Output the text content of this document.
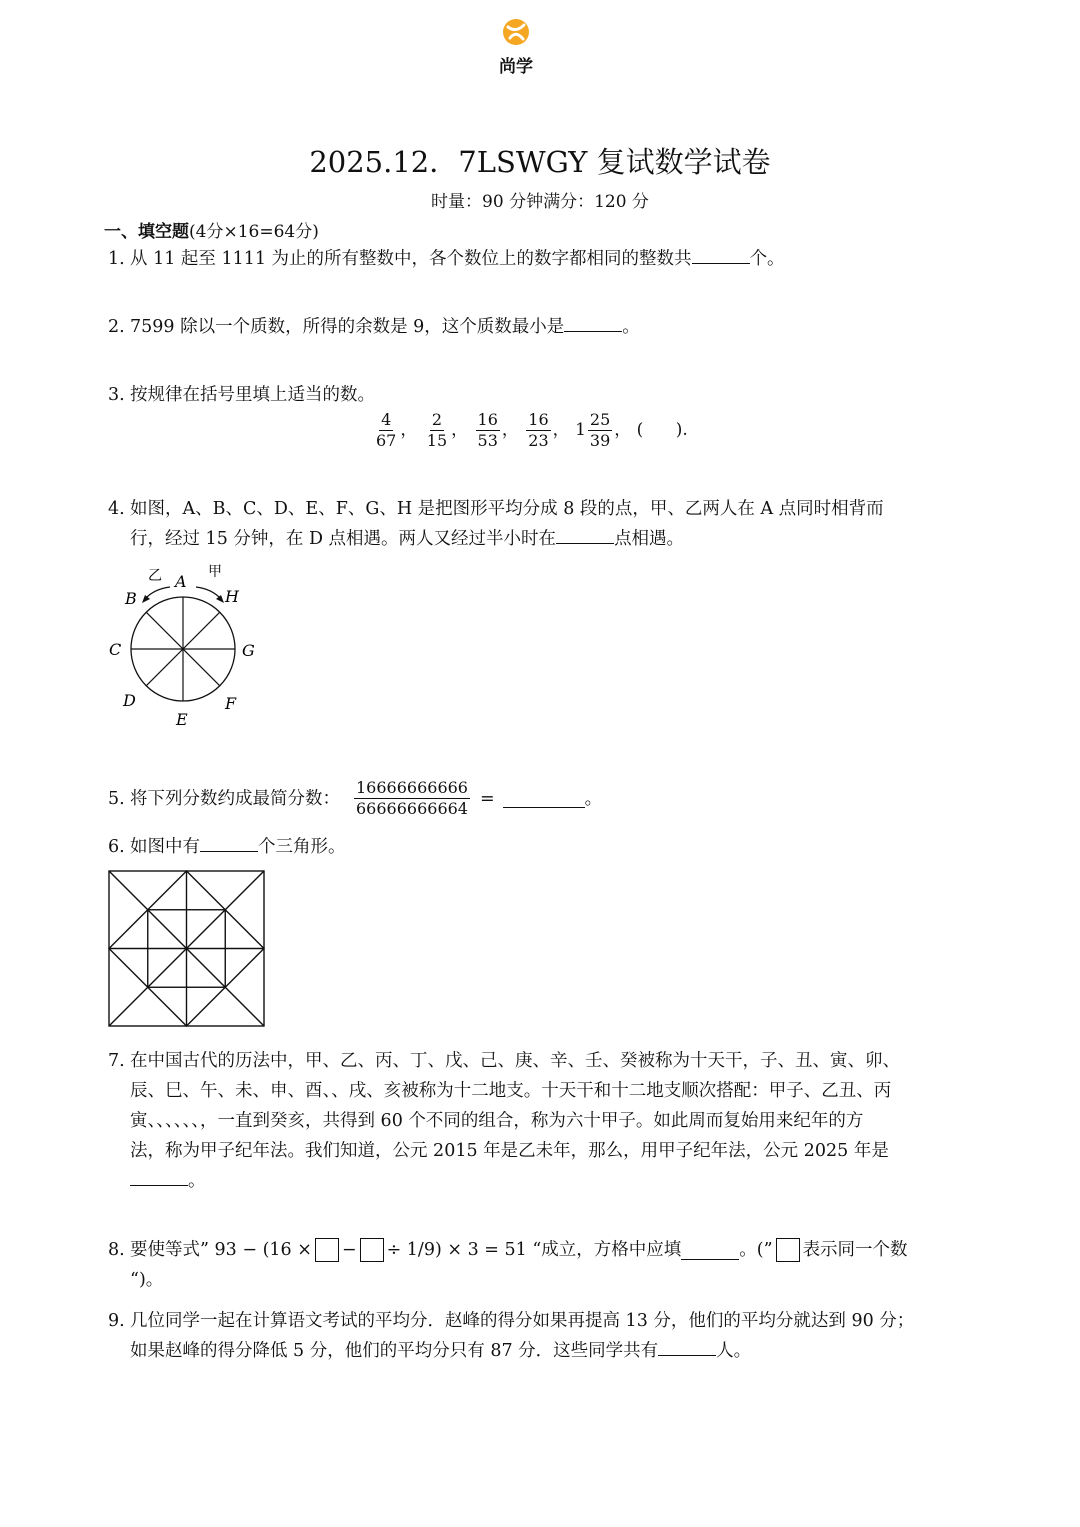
尚学
2025.12．7LSWGY 复试数学试卷
时量：90 分钟满分：120 分
一、填空题(4分×16=64分)
1. 从 11 起至 1111 为止的所有整数中，各个数位上的数字都相同的整数共	个。
2. 7599 除以一个质数，所得的余数是 9，这个质数最小是	。
3. 按规律在括号里填上适当的数。
$\frac{4}{67}$ ， $\frac{2}{15}$ ， $\frac{16}{53}$ ， $\frac{16}{23}$ ， $1 \frac{25}{39}$ ， (      ).
4. 如图，A、B、C、D、E、F、G、H 是把图形平均分成 8 段的点，甲、乙两人在 A 点同时相背而
行，经过 15 分钟，在 D 点相遇。两人又经过半小时在	点相遇。
甲
乙 A
B	H
C	G
D	F
E
5. 将下列分数约成最简分数： $\frac{16666666666}{66666666664}$ =	。
6. 如图中有	个三角形。
7. 在中国古代的历法中，甲、乙、丙、丁、戊、己、庚、辛、壬、癸被称为十天干，子、丑、寅、卯、
辰、巳、午、未、申、酉、、戌、亥被称为十二地支。十天干和十二地支顺次搭配：甲子、乙丑、丙
寅、、、、、、，一直到癸亥，共得到 60 个不同的组合，称为六十甲子。如此周而复始用来纪年的方
法，称为甲子纪年法。我们知道，公元 2015 年是乙未年，那么，用甲子纪年法，公元 2025 年是
。
8. 要使等式” 93 − (16 × − ÷ 1/9) × 3 = 51 “成立，方格中应填	。(” 表示同一个数
“)。
9. 几位同学一起在计算语文考试的平均分．赵峰的得分如果再提高 13 分，他们的平均分就达到 90 分；
如果赵峰的得分降低 5 分，他们的平均分只有 87 分．这些同学共有	人。
